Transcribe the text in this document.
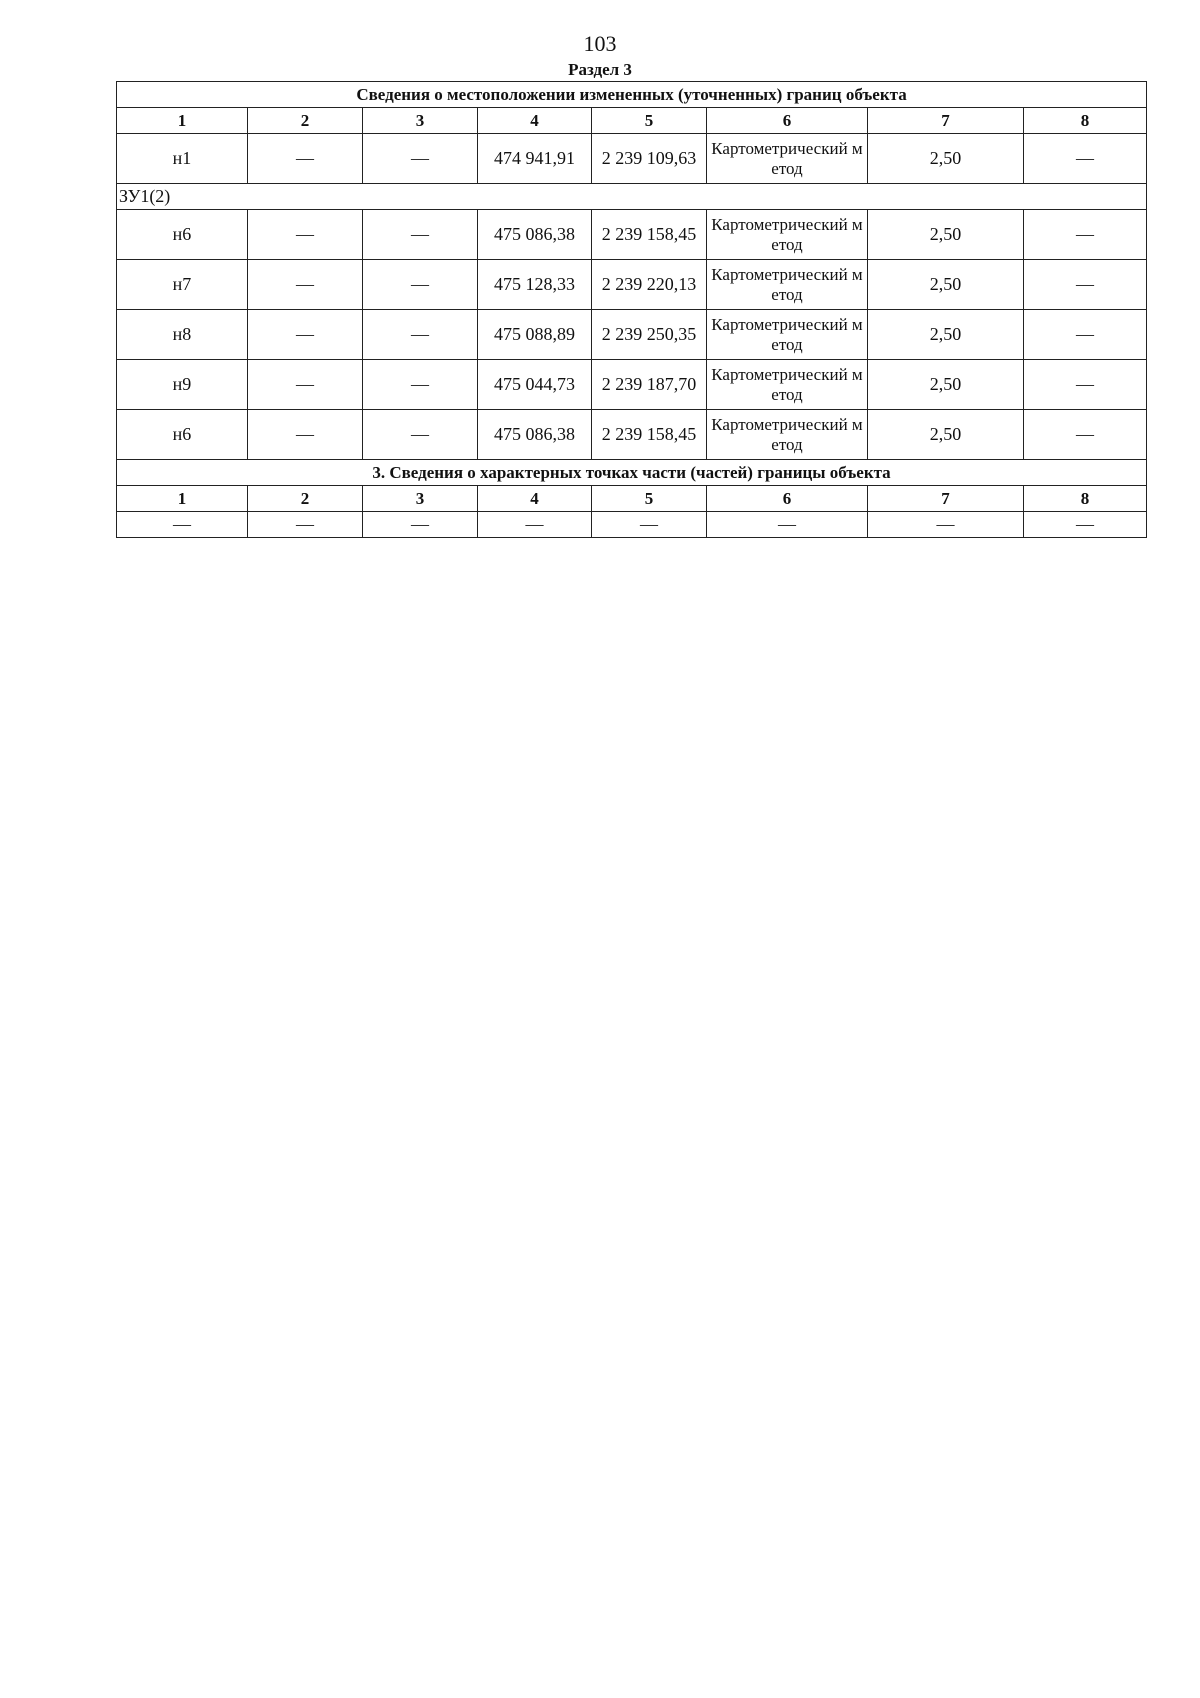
103
Раздел 3
Сведения о местоположении измененных (уточненных) границ объекта							
1	2	3	4	5	6	7	8
н1	—	—	474 941,91	2 239 109,63	Картометрический метод	2,50	—
ЗУ1(2)							
н6	—	—	475 086,38	2 239 158,45	Картометрический метод	2,50	—
н7	—	—	475 128,33	2 239 220,13	Картометрический метод	2,50	—
н8	—	—	475 088,89	2 239 250,35	Картометрический метод	2,50	—
н9	—	—	475 044,73	2 239 187,70	Картометрический метод	2,50	—
н6	—	—	475 086,38	2 239 158,45	Картометрический метод	2,50	—
3. Сведения о характерных точках части (частей) границы объекта							
1	2	3	4	5	6	7	8
—	—	—	—	—	—	—	—
